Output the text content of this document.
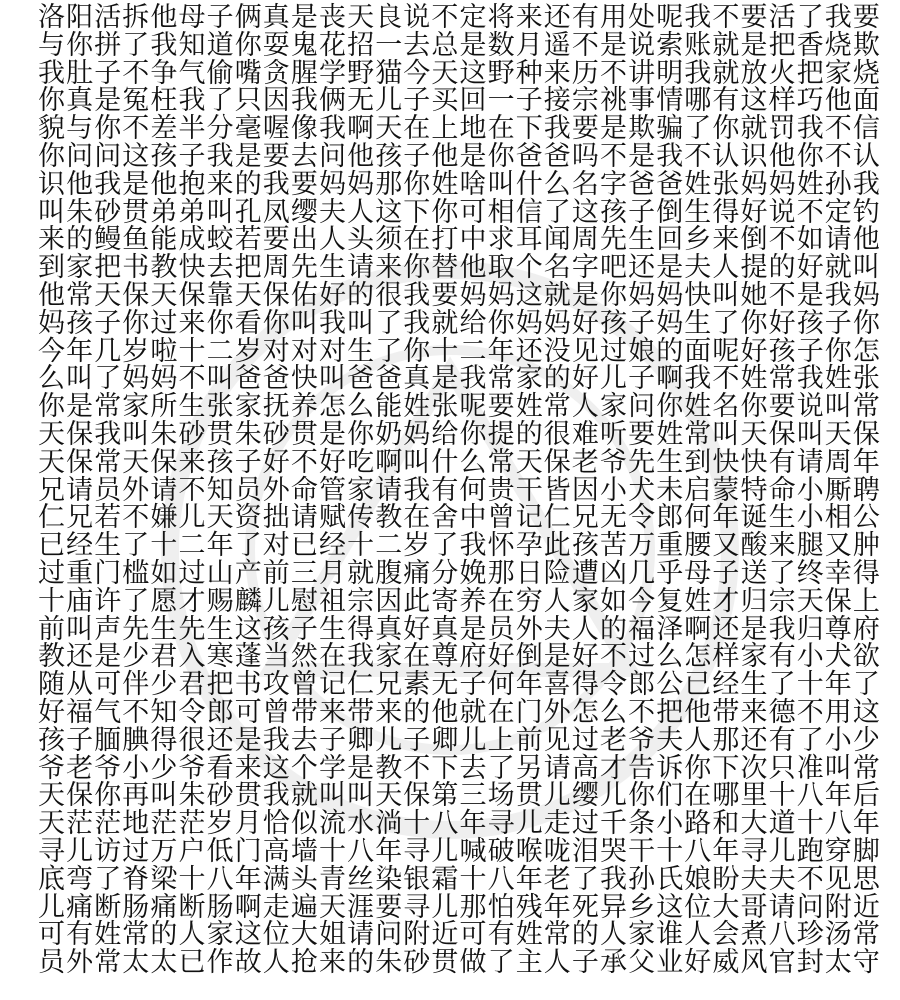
洛阳活拆他母子俩真是丧天良说不定将来还有用处呢我不要活了我要
与你拼了我知道你耍鬼花招一去总是数月遥不是说索账就是把香烧欺
我肚子不争气偷嘴贪腥学野猫今天这野种来历不讲明我就放火把家烧
你真是冤枉我了只因我俩无儿子买回一子接宗祧事情哪有这样巧他面
貌与你不差半分毫喔像我啊天在上地在下我要是欺骗了你就罚我不信
你问问这孩子我是要去问他孩子他是你爸爸吗不是我不认识他你不认
识他我是他抱来的我要妈妈那你姓啥叫什么名字爸爸姓张妈妈姓孙我
叫朱砂贯弟弟叫孔凤缨夫人这下你可相信了这孩子倒生得好说不定钓
来的鳗鱼能成蛟若要出人头须在打中求耳闻周先生回乡来倒不如请他
到家把书教快去把周先生请来你替他取个名字吧还是夫人提的好就叫
他常天保天保靠天保佑好的很我要妈妈这就是你妈妈快叫她不是我妈
妈孩子你过来你看你叫我叫了我就给你妈妈好孩子妈生了你好孩子你
今年几岁啦十二岁对对对生了你十二年还没见过娘的面呢好孩子你怎
么叫了妈妈不叫爸爸快叫爸爸真是我常家的好儿子啊我不姓常我姓张
你是常家所生张家抚养怎么能姓张呢要姓常人家问你姓名你要说叫常
天保我叫朱砂贯朱砂贯是你奶妈给你提的很难听要姓常叫天保叫天保
天保常天保来孩子好不好吃啊叫什么常天保老爷先生到快快有请周年
兄请员外请不知员外命管家请我有何贵干皆因小犬未启蒙特命小厮聘
仁兄若不嫌儿天资拙请赋传教在舍中曾记仁兄无令郎何年诞生小相公
已经生了十二年了对已经十二岁了我怀孕此孩苦万重腰又酸来腿又肿
过重门槛如过山产前三月就腹痛分娩那日险遭凶几乎母子送了终幸得
十庙许了愿才赐麟儿慰祖宗因此寄养在穷人家如今复姓才归宗天保上
前叫声先生先生这孩子生得真好真是员外夫人的福泽啊还是我归尊府
教还是少君入寒蓬当然在我家在尊府好倒是好不过么怎样家有小犬欲
随从可伴少君把书攻曾记仁兄素无子何年喜得令郎公已经生了十年了
好福气不知令郎可曾带来带来的他就在门外怎么不把他带来德不用这
孩子腼腆得很还是我去子卿儿子卿儿上前见过老爷夫人那还有了小少
爷老爷小少爷看来这个学是教不下去了另请高才告诉你下次只准叫常
天保你再叫朱砂贯我就叫叫天保第三场贯儿缨儿你们在哪里十八年后
天茫茫地茫茫岁月恰似流水淌十八年寻儿走过千条小路和大道十八年
寻儿访过万户低门高墙十八年寻儿喊破喉咙泪哭干十八年寻儿跑穿脚
底弯了脊梁十八年满头青丝染银霜十八年老了我孙氏娘盼夫夫不见思
儿痛断肠痛断肠啊走遍天涯要寻儿那怕残年死异乡这位大哥请问附近
可有姓常的人家这位大姐请问附近可有姓常的人家谁人会煮八珍汤常
员外常太太已作故人抢来的朱砂贯做了主人子承父业好威风官封太守
